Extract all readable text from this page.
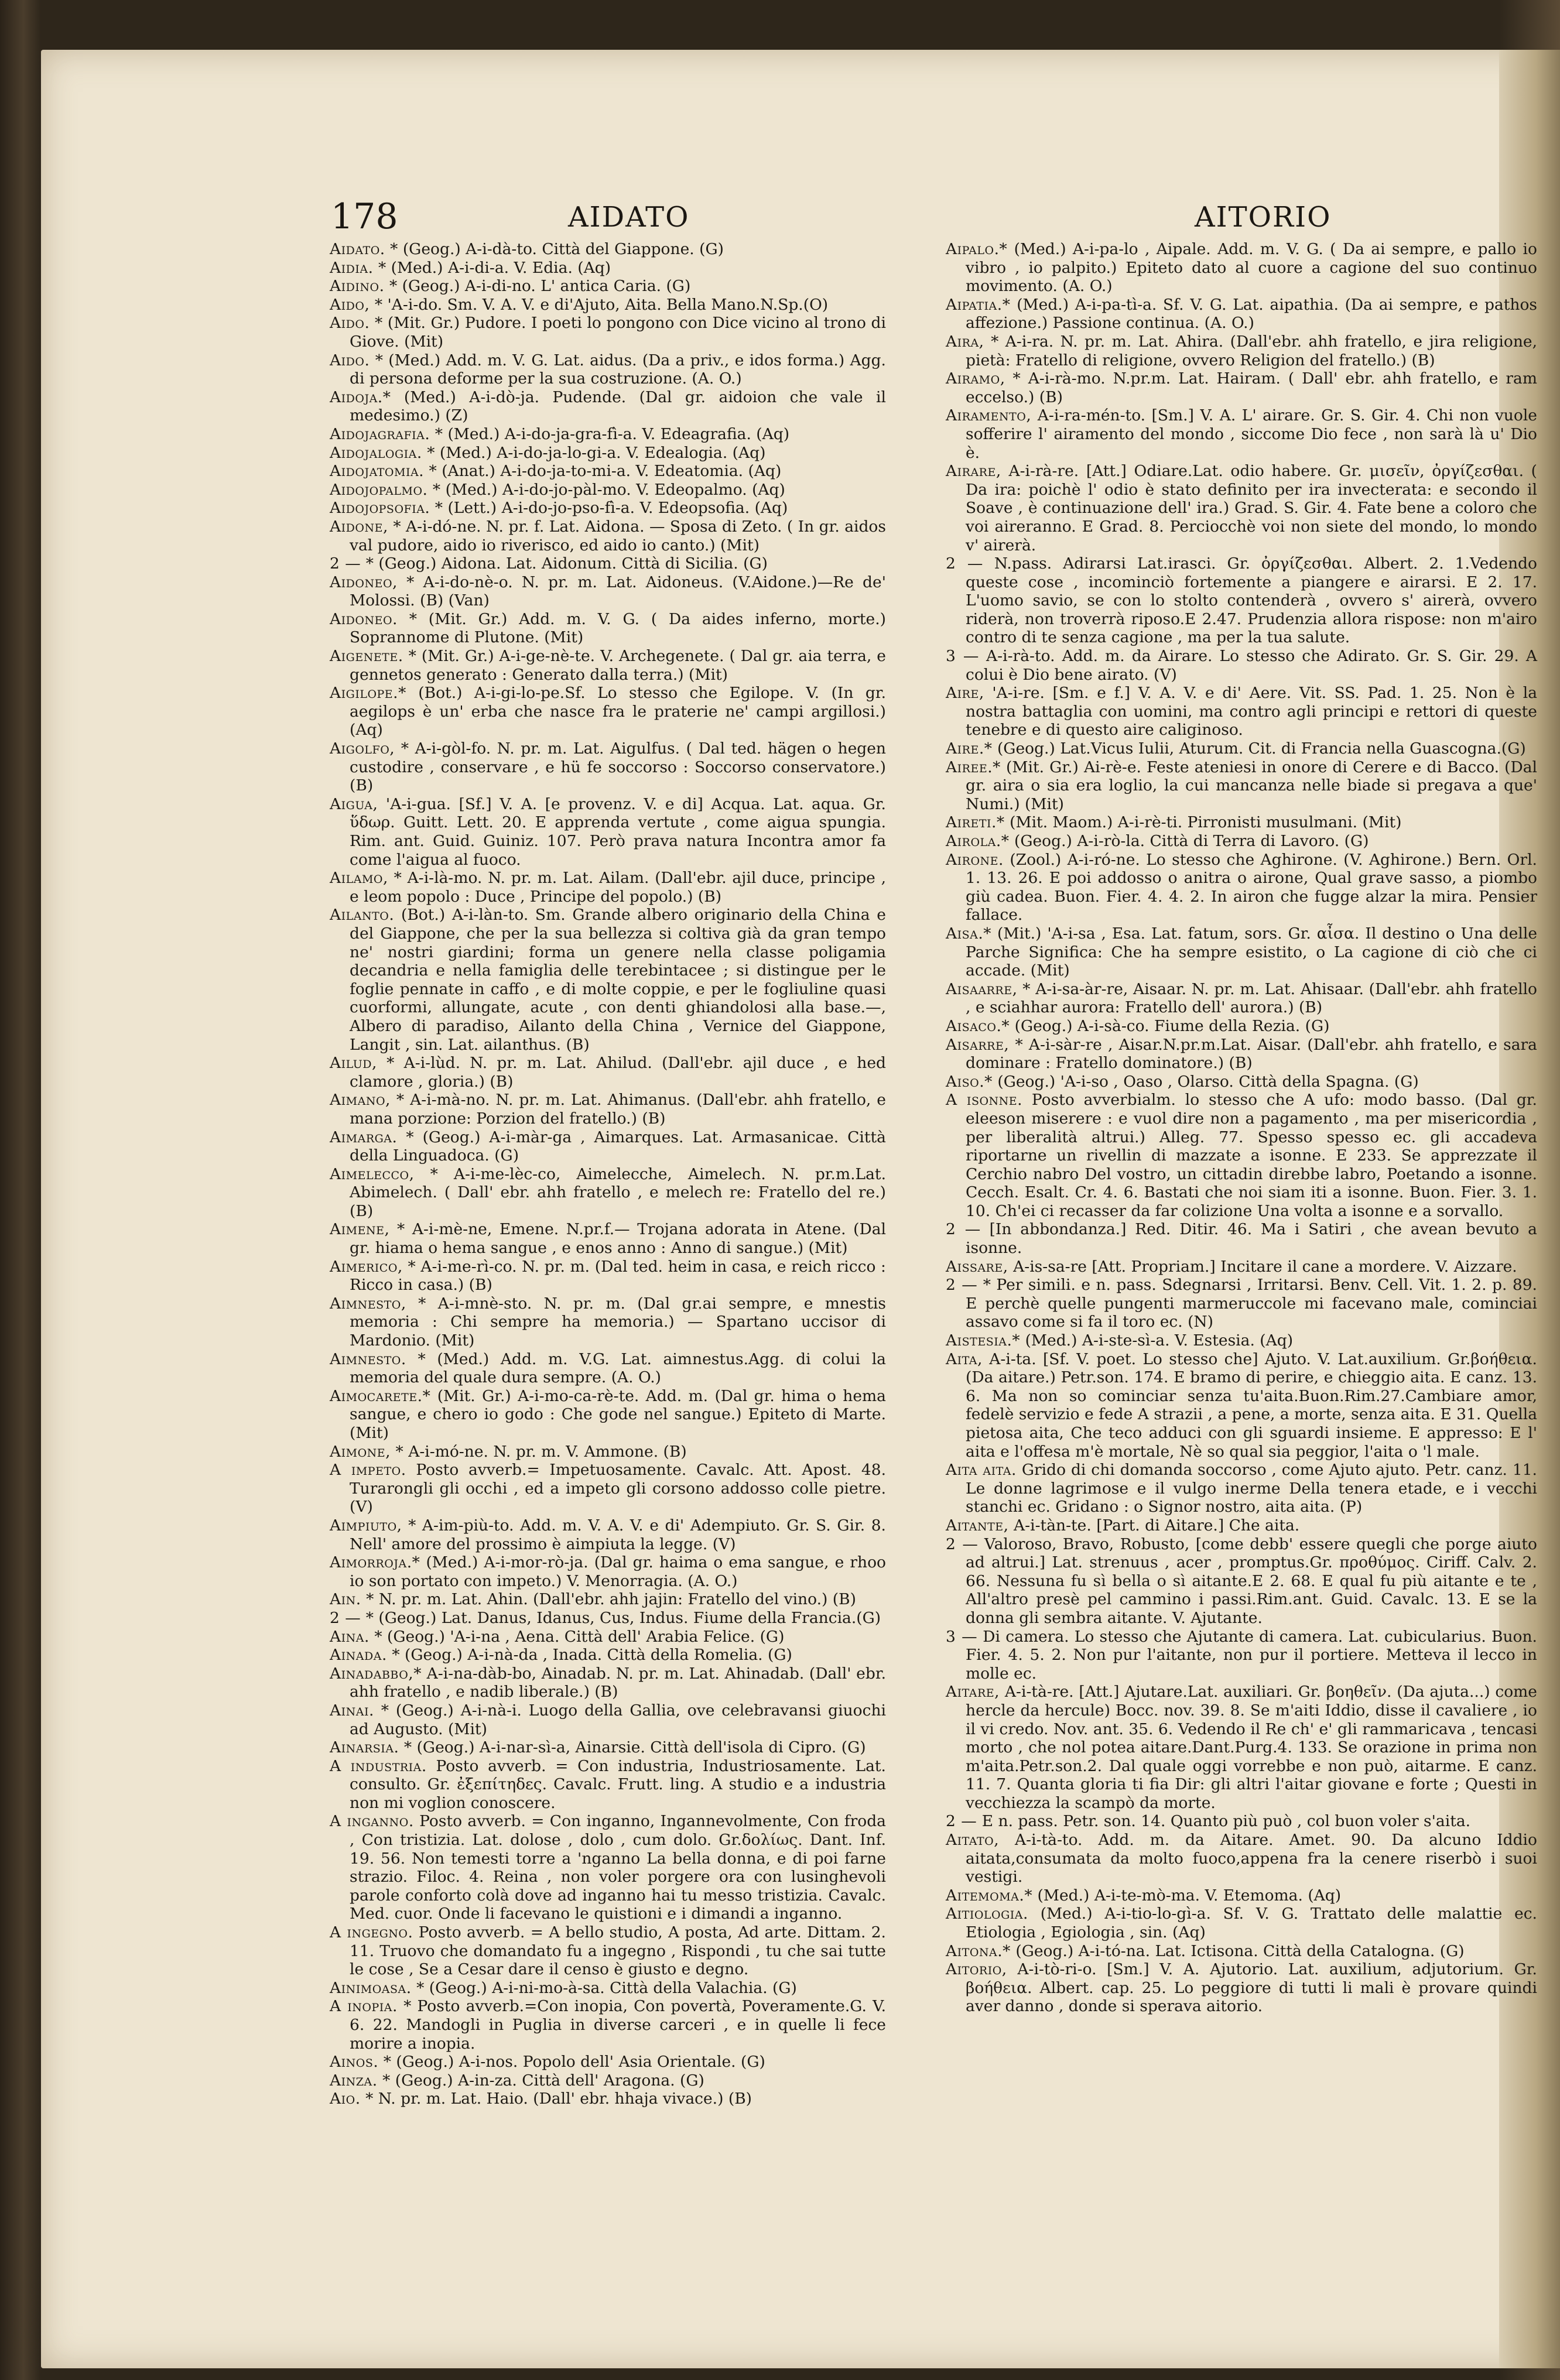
178	AIDATO	AITORIO

Aidato. * (Geog.) A-i-dà-to. Città del Giappone. (G)

Aidia. * (Med.) A-i-di-a. V. Edia. (Aq)

Aidino. * (Geog.) A-i-di-no. L' antica Caria. (G)

Aido, * 'A-i-do. Sm. V. A. V. e di'Ajuto, Aita. Bella Mano.N.Sp.(O)

Aido. * (Mit. Gr.) Pudore. I poeti lo pongono con Dice vicino al trono di Giove. (Mit)

Aido. * (Med.) Add. m. V. G. Lat. aidus. (Da a priv., e idos forma.) Agg. di persona deforme per la sua costruzione. (A. O.)

Aidoja.* (Med.) A-i-dò-ja. Pudende. (Dal gr. aidoion che vale il medesimo.) (Z)

Aidojagrafia. * (Med.) A-i-do-ja-gra-fì-a. V. Edeagrafia. (Aq)

Aidojalogia. * (Med.) A-i-do-ja-lo-gi-a. V. Edealogia. (Aq)

Aidojatomia. * (Anat.) A-i-do-ja-to-mi-a. V. Edeatomia. (Aq)

Aidojopalmo. * (Med.) A-i-do-jo-pàl-mo. V. Edeopalmo. (Aq)

Aidojopsofia. * (Lett.) A-i-do-jo-pso-fì-a. V. Edeopsofia. (Aq)

Aidone, * A-i-dó-ne. N. pr. f. Lat. Aidona. — Sposa di Zeto. ( In gr. aidos val pudore, aido io riverisco, ed aido io canto.) (Mit)

2 — * (Geog.) Aidona. Lat. Aidonum. Città di Sicilia. (G)

Aidoneo, * A-i-do-nè-o. N. pr. m. Lat. Aidoneus. (V.Aidone.)—Re de' Molossi. (B) (Van)

Aidoneo. * (Mit. Gr.) Add. m. V. G. ( Da aides inferno, morte.) Soprannome di Plutone. (Mit)

Aigenete. * (Mit. Gr.) A-i-ge-nè-te. V. Archegenete. ( Dal gr. aia terra, e gennetos generato : Generato dalla terra.) (Mit)

Aigilope.* (Bot.) A-i-gi-lo-pe.Sf. Lo stesso che Egilope. V. (In gr. aegilops è un' erba che nasce fra le praterie ne' campi argillosi.) (Aq)

Aigolfo, * A-i-gòl-fo. N. pr. m. Lat. Aigulfus. ( Dal ted. hägen o hegen custodire , conservare , e hü fe soccorso : Soccorso conservatore.) (B)

Aigua, 'A-i-gua. [Sf.] V. A. [e provenz. V. e di] Acqua. Lat. aqua. Gr. ὕδωρ. Guitt. Lett. 20. E apprenda vertute , come aigua spungia. Rim. ant. Guid. Guiniz. 107. Però prava natura Incontra amor fa come l'aigua al fuoco.

Ailamo, * A-i-là-mo. N. pr. m. Lat. Ailam. (Dall'ebr. ajil duce, principe , e leom popolo : Duce , Principe del popolo.) (B)

Ailanto. (Bot.) A-i-làn-to. Sm. Grande albero originario della China e del Giappone, che per la sua bellezza si coltiva già da gran tempo ne' nostri giardini; forma un genere nella classe poligamia decandria e nella famiglia delle terebintacee ; si distingue per le foglie pennate in caffo , e di molte coppie, e per le fogliuline quasi cuorformi, allungate, acute , con denti ghiandolosi alla base.—, Albero di paradiso, Ailanto della China , Vernice del Giappone, Langit , sin. Lat. ailanthus. (B)

Ailud, * A-i-lùd. N. pr. m. Lat. Ahilud. (Dall'ebr. ajil duce , e hed clamore , gloria.) (B)

Aimano, * A-i-mà-no. N. pr. m. Lat. Ahimanus. (Dall'ebr. ahh fratello, e mana porzione: Porzion del fratello.) (B)

Aimarga. * (Geog.) A-i-màr-ga , Aimarques. Lat. Armasanicae. Città della Linguadoca. (G)

Aimelecco, * A-i-me-lèc-co, Aimelecche, Aimelech. N. pr.m.Lat. Abimelech. ( Dall' ebr. ahh fratello , e melech re: Fratello del re.) (B)

Aimene, * A-i-mè-ne, Emene. N.pr.f.— Trojana adorata in Atene. (Dal gr. hiama o hema sangue , e enos anno : Anno di sangue.) (Mit)

Aimerico, * A-i-me-rì-co. N. pr. m. (Dal ted. heim in casa, e reich ricco : Ricco in casa.) (B)

Aimnesto, * A-i-mnè-sto. N. pr. m. (Dal gr.ai sempre, e mnestis memoria : Chi sempre ha memoria.) — Spartano uccisor di Mardonio. (Mit)

Aimnesto. * (Med.) Add. m. V.G. Lat. aimnestus.Agg. di colui la memoria del quale dura sempre. (A. O.)

Aimocarete.* (Mit. Gr.) A-i-mo-ca-rè-te. Add. m. (Dal gr. hima o hema sangue, e chero io godo : Che gode nel sangue.) Epiteto di Marte.(Mit)

Aimone, * A-i-mó-ne. N. pr. m. V. Ammone. (B)

A impeto. Posto avverb.= Impetuosamente. Cavalc. Att. Apost. 48. Turarongli gli occhi , ed a impeto gli corsono addosso colle pietre.(V)

Aimpiuto, * A-im-più-to. Add. m. V. A. V. e di' Adempiuto. Gr. S. Gir. 8. Nell' amore del prossimo è aimpiuta la legge. (V)

Aimorroja.* (Med.) A-i-mor-rò-ja. (Dal gr. haima o ema sangue, e rhoo io son portato con impeto.) V. Menorragia. (A. O.)

Ain. * N. pr. m. Lat. Ahin. (Dall'ebr. ahh jajin: Fratello del vino.) (B)

2 — * (Geog.) Lat. Danus, Idanus, Cus, Indus. Fiume della Francia.(G)

Aina. * (Geog.) 'A-i-na , Aena. Città dell' Arabia Felice. (G)

Ainada. * (Geog.) A-i-nà-da , Inada. Città della Romelia. (G)

Ainadabbo,* A-i-na-dàb-bo, Ainadab. N. pr. m. Lat. Ahinadab. (Dall' ebr. ahh fratello , e nadib liberale.) (B)

Ainai. * (Geog.) A-i-nà-i. Luogo della Gallia, ove celebravansi giuochi ad Augusto. (Mit)

Ainarsia. * (Geog.) A-i-nar-sì-a, Ainarsie. Città dell'isola di Cipro. (G)

A industria. Posto avverb. = Con industria, Industriosamente. Lat. consulto. Gr. ἐξεπίτηδες. Cavalc. Frutt. ling. A studio e a industria non mi voglion conoscere.

A inganno. Posto avverb. = Con inganno, Ingannevolmente, Con froda , Con tristizia. Lat. dolose , dolo , cum dolo. Gr.δολίως. Dant. Inf. 19. 56. Non temesti torre a 'nganno La bella donna, e di poi farne strazio. Filoc. 4. Reina , non voler porgere ora con lusinghevoli parole conforto colà dove ad inganno hai tu messo tristizia. Cavalc. Med. cuor. Onde li facevano le quistioni e i dimandi a inganno.

A ingegno. Posto avverb. = A bello studio, A posta, Ad arte. Dittam. 2. 11. Truovo che domandato fu a ingegno , Rispondi , tu che sai tutte le cose , Se a Cesar dare il censo è giusto e degno.

Ainimoasa. * (Geog.) A-i-ni-mo-à-sa. Città della Valachia. (G)

A inopia. * Posto avverb.=Con inopia, Con povertà, Poveramente.G. V. 6. 22. Mandogli in Puglia in diverse carceri , e in quelle li fece morire a inopia.

Ainos. * (Geog.) A-i-nos. Popolo dell' Asia Orientale. (G)

Ainza. * (Geog.) A-in-za. Città dell' Aragona. (G)

Aio. * N. pr. m. Lat. Haio. (Dall' ebr. hhaja vivace.) (B)

Aipalo.* (Med.) A-i-pa-lo , Aipale. Add. m. V. G. ( Da ai sempre, e pallo io vibro , io palpito.) Epiteto dato al cuore a cagione del suo continuo movimento. (A. O.)

Aipatia.* (Med.) A-i-pa-tì-a. Sf. V. G. Lat. aipathia. (Da ai sempre, e pathos affezione.) Passione continua. (A. O.)

Aira, * A-i-ra. N. pr. m. Lat. Ahira. (Dall'ebr. ahh fratello, e jira religione, pietà: Fratello di religione, ovvero Religion del fratello.) (B)

Airamo, * A-i-rà-mo. N.pr.m. Lat. Hairam. ( Dall' ebr. ahh fratello, e ram eccelso.) (B)

Airamento, A-i-ra-mén-to. [Sm.] V. A. L' airare. Gr. S. Gir. 4. Chi non vuole sofferire l' airamento del mondo , siccome Dio fece , non sarà là u' Dio è.

Airare, A-i-rà-re. [Att.] Odiare.Lat. odio habere. Gr. μισεῖν, ὀργίζεσθαι. ( Da ira: poichè l' odio è stato definito per ira invecterata: e secondo il Soave , è continuazione dell' ira.) Grad. S. Gir. 4. Fate bene a coloro che voi aireranno. E Grad. 8. Perciocchè voi non siete del mondo, lo mondo v' airerà.

2 — N.pass. Adirarsi Lat.irasci. Gr. ὀργίζεσθαι. Albert. 2. 1.Vedendo queste cose , incominciò fortemente a piangere e airarsi. E 2. 17. L'uomo savio, se con lo stolto contenderà , ovvero s' airerà, ovvero riderà, non troverrà riposo.E 2.47. Prudenzia allora rispose: non m'airo contro di te senza cagione , ma per la tua salute.

3 — A-i-rà-to. Add. m. da Airare. Lo stesso che Adirato. Gr. S. Gir. 29. A colui è Dio bene airato. (V)

Aire, 'A-i-re. [Sm. e f.] V. A. V. e di' Aere. Vit. SS. Pad. 1. 25. Non è la nostra battaglia con uomini, ma contro agli principi e rettori di queste tenebre e di questo aire caliginoso.

Aire.* (Geog.) Lat.Vicus Iulii, Aturum. Cit. di Francia nella Guascogna.(G)

Airee.* (Mit. Gr.) Ai-rè-e. Feste ateniesi in onore di Cerere e di Bacco. (Dal gr. aira o sia era loglio, la cui mancanza nelle biade si pregava a que' Numi.) (Mit)

Aireti.* (Mit. Maom.) A-i-rè-ti. Pirronisti musulmani. (Mit)

Airola.* (Geog.) A-i-rò-la. Città di Terra di Lavoro. (G)

Airone. (Zool.) A-i-ró-ne. Lo stesso che Aghirone. (V. Aghirone.) Bern. Orl. 1. 13. 26. E poi addosso o anitra o airone, Qual grave sasso, a piombo giù cadea. Buon. Fier. 4. 4. 2. In airon che fugge alzar la mira. Pensier fallace.

Aisa.* (Mit.) 'A-i-sa , Esa. Lat. fatum, sors. Gr. αἶσα. Il destino o Una delle Parche Significa: Che ha sempre esistito, o La cagione di ciò che ci accade. (Mit)

Aisaarre, * A-i-sa-àr-re, Aisaar. N. pr. m. Lat. Ahisaar. (Dall'ebr. ahh fratello , e sciahhar aurora: Fratello dell' aurora.) (B)

Aisaco.* (Geog.) A-i-sà-co. Fiume della Rezia. (G)

Aisarre, * A-i-sàr-re , Aisar.N.pr.m.Lat. Aisar. (Dall'ebr. ahh fratello, e sara dominare : Fratello dominatore.) (B)

Aiso.* (Geog.) 'A-i-so , Oaso , Olarso. Città della Spagna. (G)

A isonne. Posto avverbialm. lo stesso che A ufo: modo basso. (Dal gr. eleeson miserere : e vuol dire non a pagamento , ma per misericordia , per liberalità altrui.) Alleg. 77. Spesso spesso ec. gli accadeva riportarne un rivellin di mazzate a isonne. E 233. Se apprezzate il Cerchio nabro Del vostro, un cittadin direbbe labro, Poetando a isonne. Cecch. Esalt. Cr. 4. 6. Bastati che noi siam iti a isonne. Buon. Fier. 3. 1. 10. Ch'ei ci recasser da far colizione Una volta a isonne e a sorvallo.

2 — [In abbondanza.] Red. Ditir. 46. Ma i Satiri , che avean bevuto a isonne.

Aissare, A-is-sa-re [Att. Propriam.] Incitare il cane a mordere. V. Aizzare.

2 — * Per simili. e n. pass. Sdegnarsi , Irritarsi. Benv. Cell. Vit. 1. 2. p. 89. E perchè quelle pungenti marmeruccole mi facevano male, cominciai assavo come si fa il toro ec. (N)

Aistesia.* (Med.) A-i-ste-sì-a. V. Estesia. (Aq)

Aita, A-i-ta. [Sf. V. poet. Lo stesso che] Ajuto. V. Lat.auxilium. Gr.βοήθεια. (Da aitare.) Petr.son. 174. E bramo di perire, e chieggio aita. E canz. 13. 6. Ma non so cominciar senza tu'aita.Buon.Rim.27.Cambiare amor, fedelè servizio e fede A strazii , a pene, a morte, senza aita. E 31. Quella pietosa aita, Che teco adduci con gli sguardi insieme. E appresso: E l' aita e l'offesa m'è mortale, Nè so qual sia peggior, l'aita o 'l male.

Aita aita. Grido di chi domanda soccorso , come Ajuto ajuto. Petr. canz. 11. Le donne lagrimose e il vulgo inerme Della tenera etade, e i vecchi stanchi ec. Gridano : o Signor nostro, aita aita. (P)

Aitante, A-i-tàn-te. [Part. di Aitare.] Che aita.

2 — Valoroso, Bravo, Robusto, [come debb' essere quegli che porge aiuto ad altrui.] Lat. strenuus , acer , promptus.Gr. προθύμος. Ciriff. Calv. 2. 66. Nessuna fu sì bella o sì aitante.E 2. 68. E qual fu più aitante e te , All'altro presè pel cammino i passi.Rim.ant. Guid. Cavalc. 13. E se la donna gli sembra aitante. V. Ajutante.

3 — Di camera. Lo stesso che Ajutante di camera. Lat. cubicularius. Buon. Fier. 4. 5. 2. Non pur l'aitante, non pur il portiere. Metteva il lecco in molle ec.

Aitare, A-i-tà-re. [Att.] Ajutare.Lat. auxiliari. Gr. βοηθεῖν. (Da ajuta...) come hercle da hercule) Bocc. nov. 39. 8. Se m'aiti Iddio, disse il cavaliere , io il vi credo. Nov. ant. 35. 6. Vedendo il Re ch' e' gli rammaricava , tencasi morto , che nol potea aitare.Dant.Purg.4. 133. Se orazione in prima non m'aita.Petr.son.2. Dal quale oggi vorrebbe e non può, aitarme. E canz. 11. 7. Quanta gloria ti fia Dir: gli altri l'aitar giovane e forte ; Questi in vecchiezza la scampò da morte.

2 — E n. pass. Petr. son. 14. Quanto più può , col buon voler s'aita.

Aitato, A-i-tà-to. Add. m. da Aitare. Amet. 90. Da alcuno Iddio aitata,consumata da molto fuoco,appena fra la cenere riserbò i suoi vestigi.

Aitemoma.* (Med.) A-i-te-mò-ma. V. Etemoma. (Aq)

Aitiologia. (Med.) A-i-tio-lo-gì-a. Sf. V. G. Trattato delle malattie ec. Etiologia , Egiologia , sin. (Aq)

Aitona.* (Geog.) A-i-tó-na. Lat. Ictisona. Città della Catalogna. (G)

Aitorio, A-i-tò-ri-o. [Sm.] V. A. Ajutorio. Lat. auxilium, adjutorium. Gr. βοήθεια. Albert. cap. 25. Lo peggiore di tutti li mali è provare quindi aver danno , donde si sperava aitorio.
